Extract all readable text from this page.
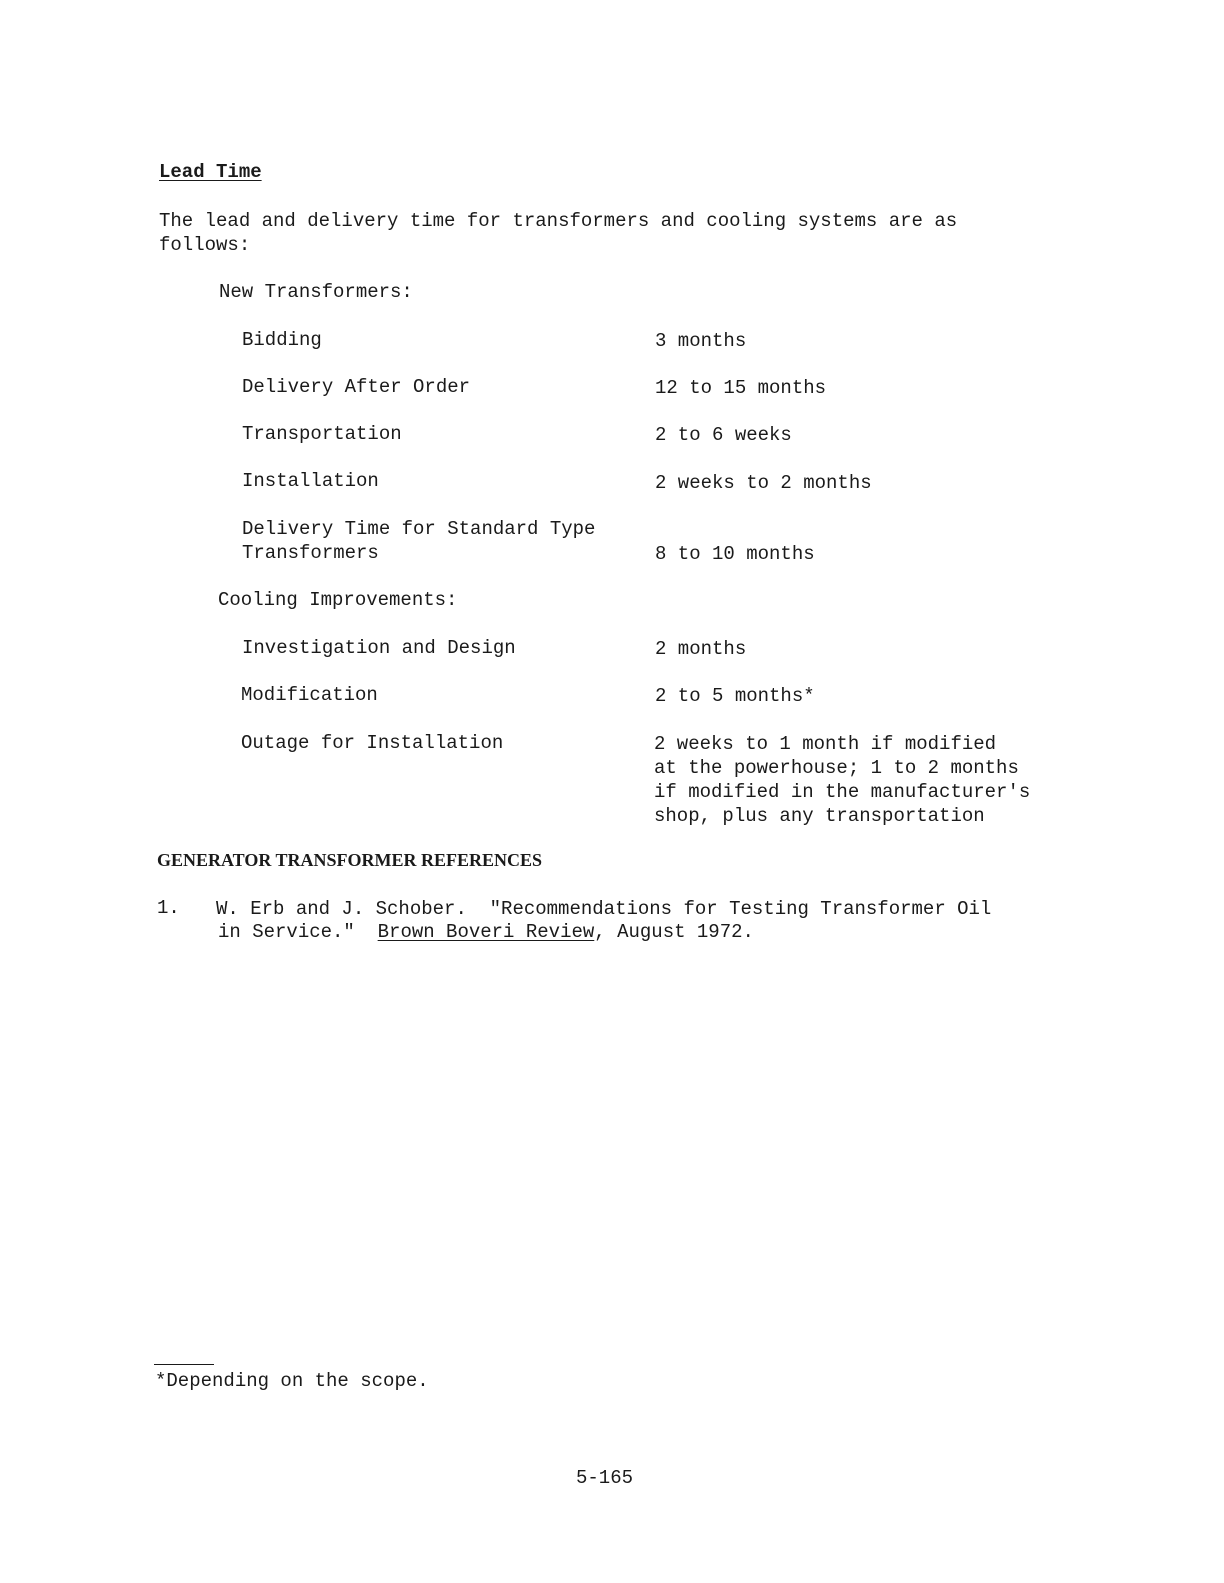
Lead Time
The lead and delivery time for transformers and cooling systems are as
follows:
New Transformers:
Bidding	3 months
Delivery After Order	12 to 15 months
Transportation	2 to 6 weeks
Installation	2 weeks to 2 months
Delivery Time for Standard Type
Transformers	8 to 10 months
Cooling Improvements:
Investigation and Design	2 months
Modification	2 to 5 months*
Outage for Installation	2 weeks to 1 month if modified
at the powerhouse; 1 to 2 months
if modified in the manufacturer's
shop, plus any transportation
GENERATOR TRANSFORMER REFERENCES
1. W. Erb and J. Schober.  "Recommendations for Testing Transformer Oil
in Service." Brown Boveri Review, August 1972.
*Depending on the scope.
5-165
